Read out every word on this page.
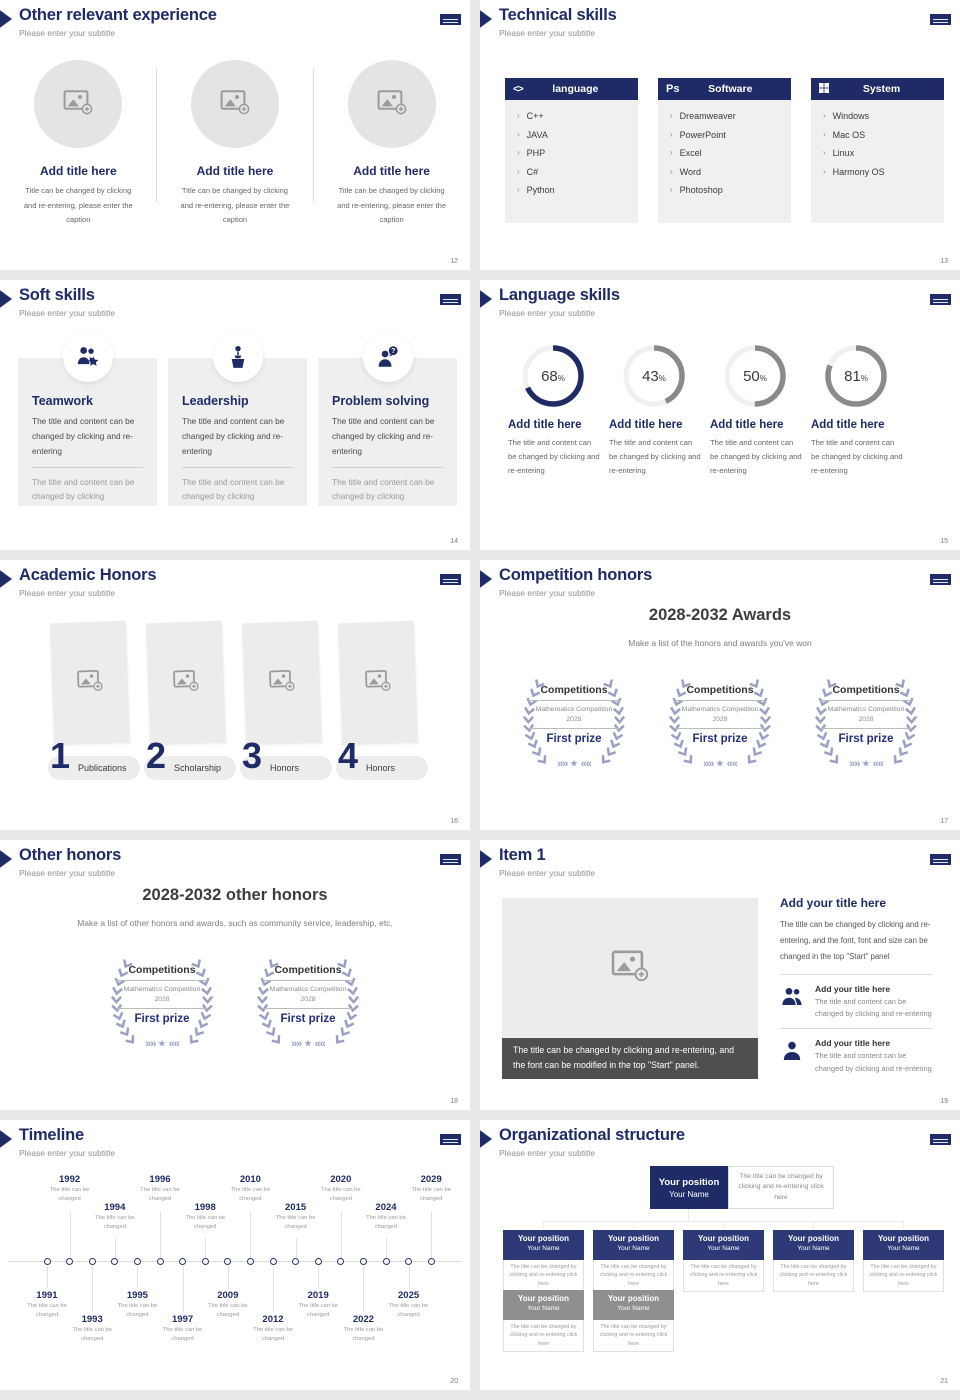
Other relevant experience
Please enter your subtitle
Add title here
Title can be changed by clicking and re-entering, please enter the caption
Add title here
Title can be changed by clicking and re-entering, please enter the caption
Add title here
Title can be changed by clicking and re-entering, please enter the caption
12
Technical skills
Please enter your subtitle
<>	language
› C++
› JAVA
› PHP
› C#
› Python
Ps	Software
› Dreamweaver
› PowerPoint
› Excel
› Word
› Photoshop
System
› Windows
› Mac OS
› Linux
› Harmony OS
13
Soft skills
Please enter your subtitle
Teamwork
The title and content can be changed by clicking and re-entering
The title and content can be changed by clicking
Leadership
The title and content can be changed by clicking and re-entering
The title and content can be changed by clicking
?
Problem solving
The title and content can be changed by clicking and re-entering
The title and content can be changed by clicking
14
Language skills
Please enter your subtitle
68 %
Add title here
The title and content can be changed by clicking and re-entering
43 %
Add title here
The title and content can be changed by clicking and re-entering
50 %
Add title here
The title and content can be changed by clicking and re-entering
81 %
Add title here
The title and content can be changed by clicking and re-entering
15
Academic Honors
Please enter your subtitle
Publications	Scholarship	Honors	Honors
1 2 3 4
16
Competition honors
Please enter your subtitle
2028-2032 Awards
Make a list of the honors and awards you've won
Competitions
Mathematics Competition 2028
First prize
»» ★ ««
Competitions
Mathematics Competition 2028
First prize
»» ★ ««
Competitions
Mathematics Competition 2028
First prize
»» ★ ««
17
Other honors
Please enter your subtitle
2028-2032 other honors
Make a list of other honors and awards, such as community service, leadership, etc.
Competitions
Mathematics Competition 2028
First prize
»» ★ ««
Competitions
Mathematics Competition 2028
First prize
»» ★ ««
18
Item 1
Please enter your subtitle
The title can be changed by clicking and re-entering, and the font can be modified in the top "Start" panel.
Add your title here
The title can be changed by clicking and re-entering, and the font, font and size can be changed in the top "Start" panel
Add your title here
The title and content can be changed by clicking and re-entering
Add your title here
The title and content can be changed by clicking and re-entering
19
Timeline
Please enter your subtitle
1991
The title can be changed
1992
The title can be changed
1993
The title can be changed
1994
The title can be changed
1995
The title can be changed
1996
The title can be changed
1997
The title can be changed
1998
The title can be changed
2009
The title can be changed
2010
The title can be changed
2012
The title can be changed
2015
The title can be changed
2019
The title can be changed
2020
The title can be changed
2022
The title can be changed
2024
The title can be changed
2025
The title can be changed
2029
The title can be changed
20
Organizational structure
Please enter your subtitle
Your position
Your Name
The title can be changed by clicking and re-entering click here
Your position
Your Name
The title can be changed by clicking and re-entering click here
Your position
Your Name
The title can be changed by clicking and re-entering click here
Your position
Your Name
The title can be changed by clicking and re-entering click here
Your position
Your Name
The title can be changed by clicking and re-entering click here
Your position
Your Name
The title can be changed by clicking and re-entering click here
Your position
Your Name
The title can be changed by clicking and re-entering click here
Your position
Your Name
The title can be changed by clicking and re-entering click here
21
